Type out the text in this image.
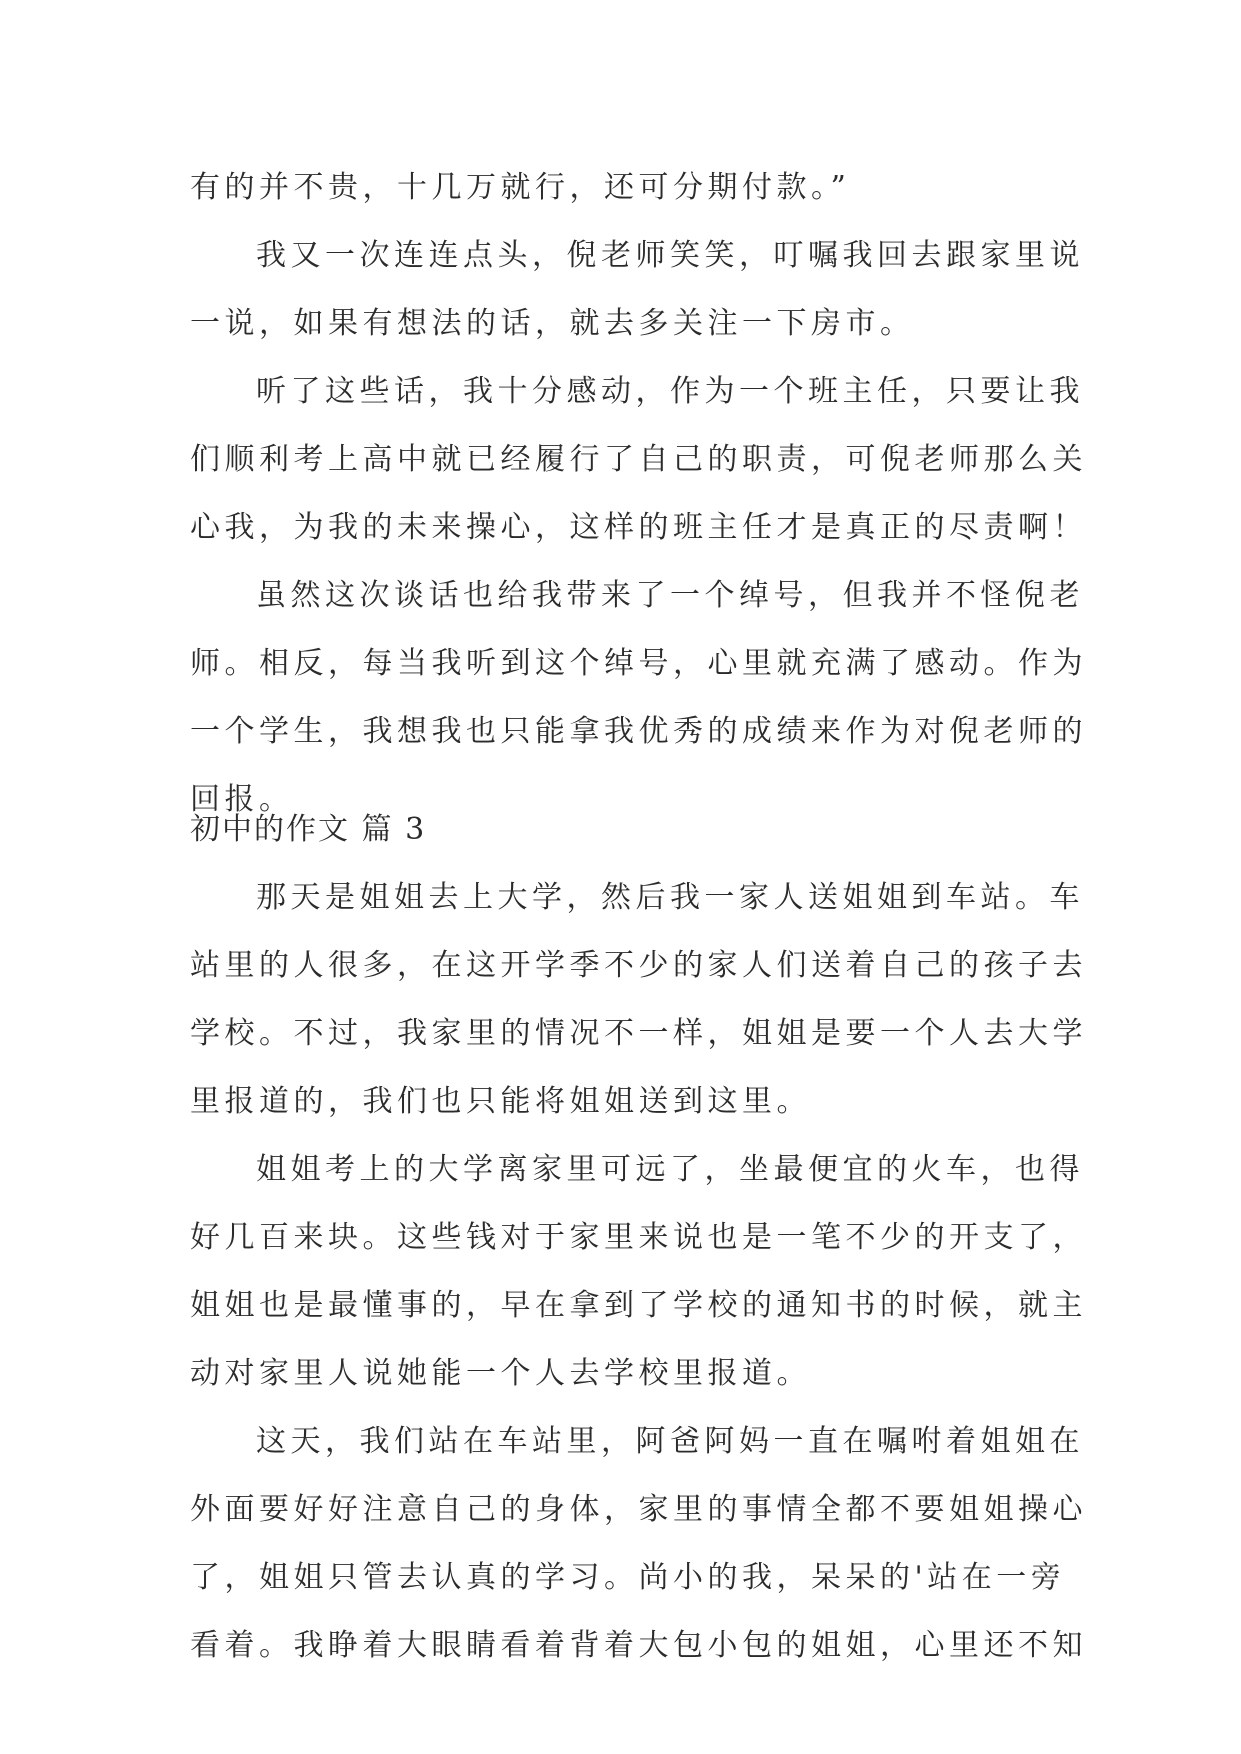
有的并不贵，十几万就行，还可分期付款。”
我又一次连连点头，倪老师笑笑，叮嘱我回去跟家里说
一说，如果有想法的话，就去多关注一下房市。
听了这些话，我十分感动，作为一个班主任，只要让我
们顺利考上高中就已经履行了自己的职责，可倪老师那么关
心我，为我的未来操心，这样的班主任才是真正的尽责啊！
虽然这次谈话也给我带来了一个绰号，但我并不怪倪老
师。相反，每当我听到这个绰号，心里就充满了感动。作为
一个学生，我想我也只能拿我优秀的成绩来作为对倪老师的
回报。
初中的作文 篇 3
那天是姐姐去上大学，然后我一家人送姐姐到车站。车
站里的人很多，在这开学季不少的家人们送着自己的孩子去
学校。不过，我家里的情况不一样，姐姐是要一个人去大学
里报道的，我们也只能将姐姐送到这里。
姐姐考上的大学离家里可远了，坐最便宜的火车，也得
好几百来块。这些钱对于家里来说也是一笔不少的开支了，
姐姐也是最懂事的，早在拿到了学校的通知书的时候，就主
动对家里人说她能一个人去学校里报道。
这天，我们站在车站里，阿爸阿妈一直在嘱咐着姐姐在
外面要好好注意自己的身体，家里的事情全都不要姐姐操心
了，姐姐只管去认真的学习。尚小的我，呆呆的'站在一旁
看着。我睁着大眼睛看着背着大包小包的姐姐，心里还不知
